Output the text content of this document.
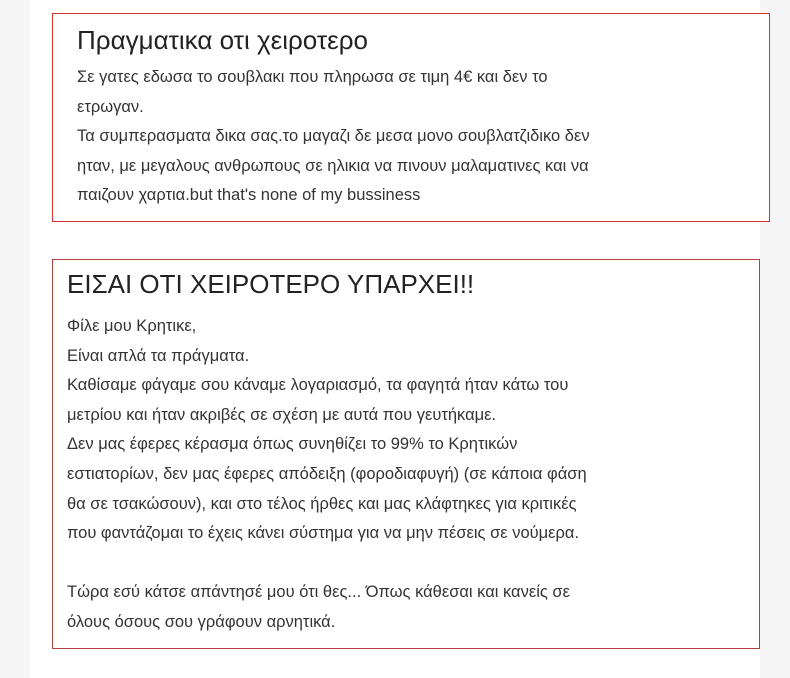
Πραγματικα οτι χειροτερο
Σε γατες εδωσα το σουβλακι που πληρωσα σε τιμη 4€ και δεν το
ετρωγαν.
Τα συμπερασματα δικα σας.το μαγαζι δε μεσα μονο σουβλατζιδικο δεν
ηταν, με μεγαλους ανθρωπους σε ηλικια να πινουν μαλαματινες και να
παιζουν χαρτια.but that's none of my bussiness
ΕΙΣΑΙ ΟΤΙ ΧΕΙΡΟΤΕΡΟ ΥΠΑΡΧΕΙ!!
Φίλε μου Κρητικε,
Είναι απλά τα πράγματα.
Καθίσαμε φάγαμε σου κάναμε λογαριασμό, τα φαγητά ήταν κάτω του
μετρίου και ήταν ακριβές σε σχέση με αυτά που γευτήκαμε.
Δεν μας έφερες κέρασμα όπως συνηθίζει το 99% το Κρητικών
εστιατορίων, δεν μας έφερες απόδειξη (φοροδιαφυγή) (σε κάποια φάση
θα σε τσακώσουν), και στο τέλος ήρθες και μας κλάφτηκες για κριτικές
που φαντάζομαι το έχεις κάνει σύστημα για να μην πέσεις σε νούμερα.
Τώρα εσύ κάτσε απάντησέ μου ότι θες... Όπως κάθεσαι και κανείς σε
όλους όσους σου γράφουν αρνητικά.
